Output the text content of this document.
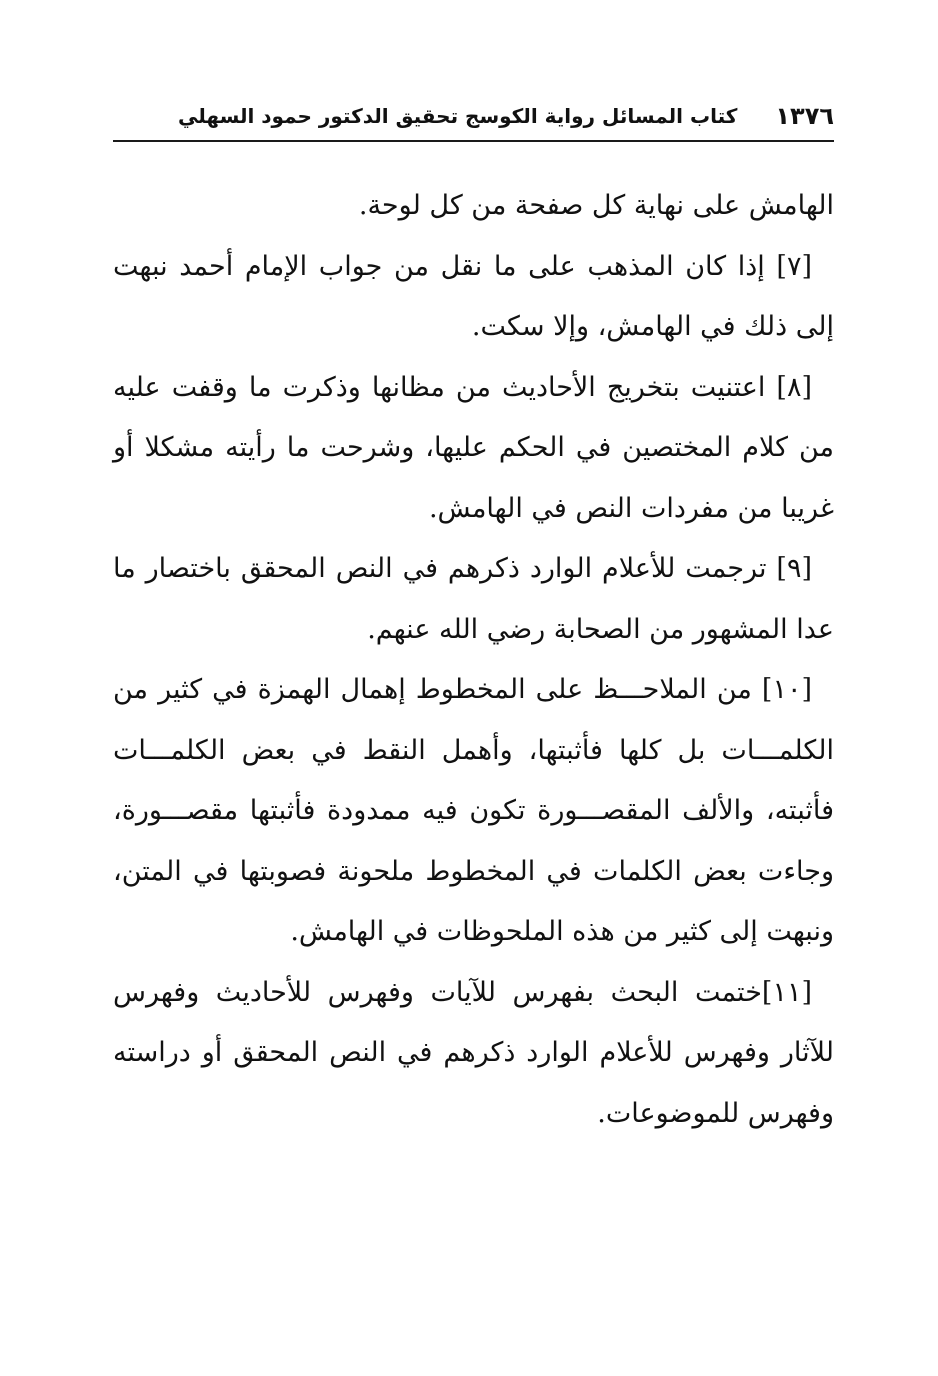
١٣٧٦
كتاب المسائل رواية الكوسج تحقيق الدكتور حمود السهلي

الهامش على نهاية كل صفحة من كل لوحة.

[٧] إذا كان المذهب على ما نقل من جواب الإمام أحمد نبهت إلى ذلك في الهامش، وإلا سكت.

[٨] اعتنيت بتخريج الأحاديث من مظانها وذكرت ما وقفت عليه من كلام المختصين في الحكم عليها، وشرحت ما رأيته مشكلا أو غريبا من مفردات النص في الهامش.

[٩] ترجمت للأعلام الوارد ذكرهم في النص المحقق باختصار ما عدا المشهور من الصحابة رضي الله عنهم.

[١٠] من الملاحـــظ على المخطوط إهمال الهمزة في كثير من الكلمـــات بل كلها فأثبتها، وأهمل النقط في بعض الكلمـــات فأثبته، والألف المقصـــورة تكون فيه ممدودة فأثبتها مقصـــورة، وجاءت بعض الكلمات في المخطوط ملحونة فصوبتها في المتن، ونبهت إلى كثير من هذه الملحوظات في الهامش.

[١١]ختمت البحث بفهرس للآيات وفهرس للأحاديث وفهرس للآثار وفهرس للأعلام الوارد ذكرهم في النص المحقق أو دراسته وفهرس للموضوعات.
